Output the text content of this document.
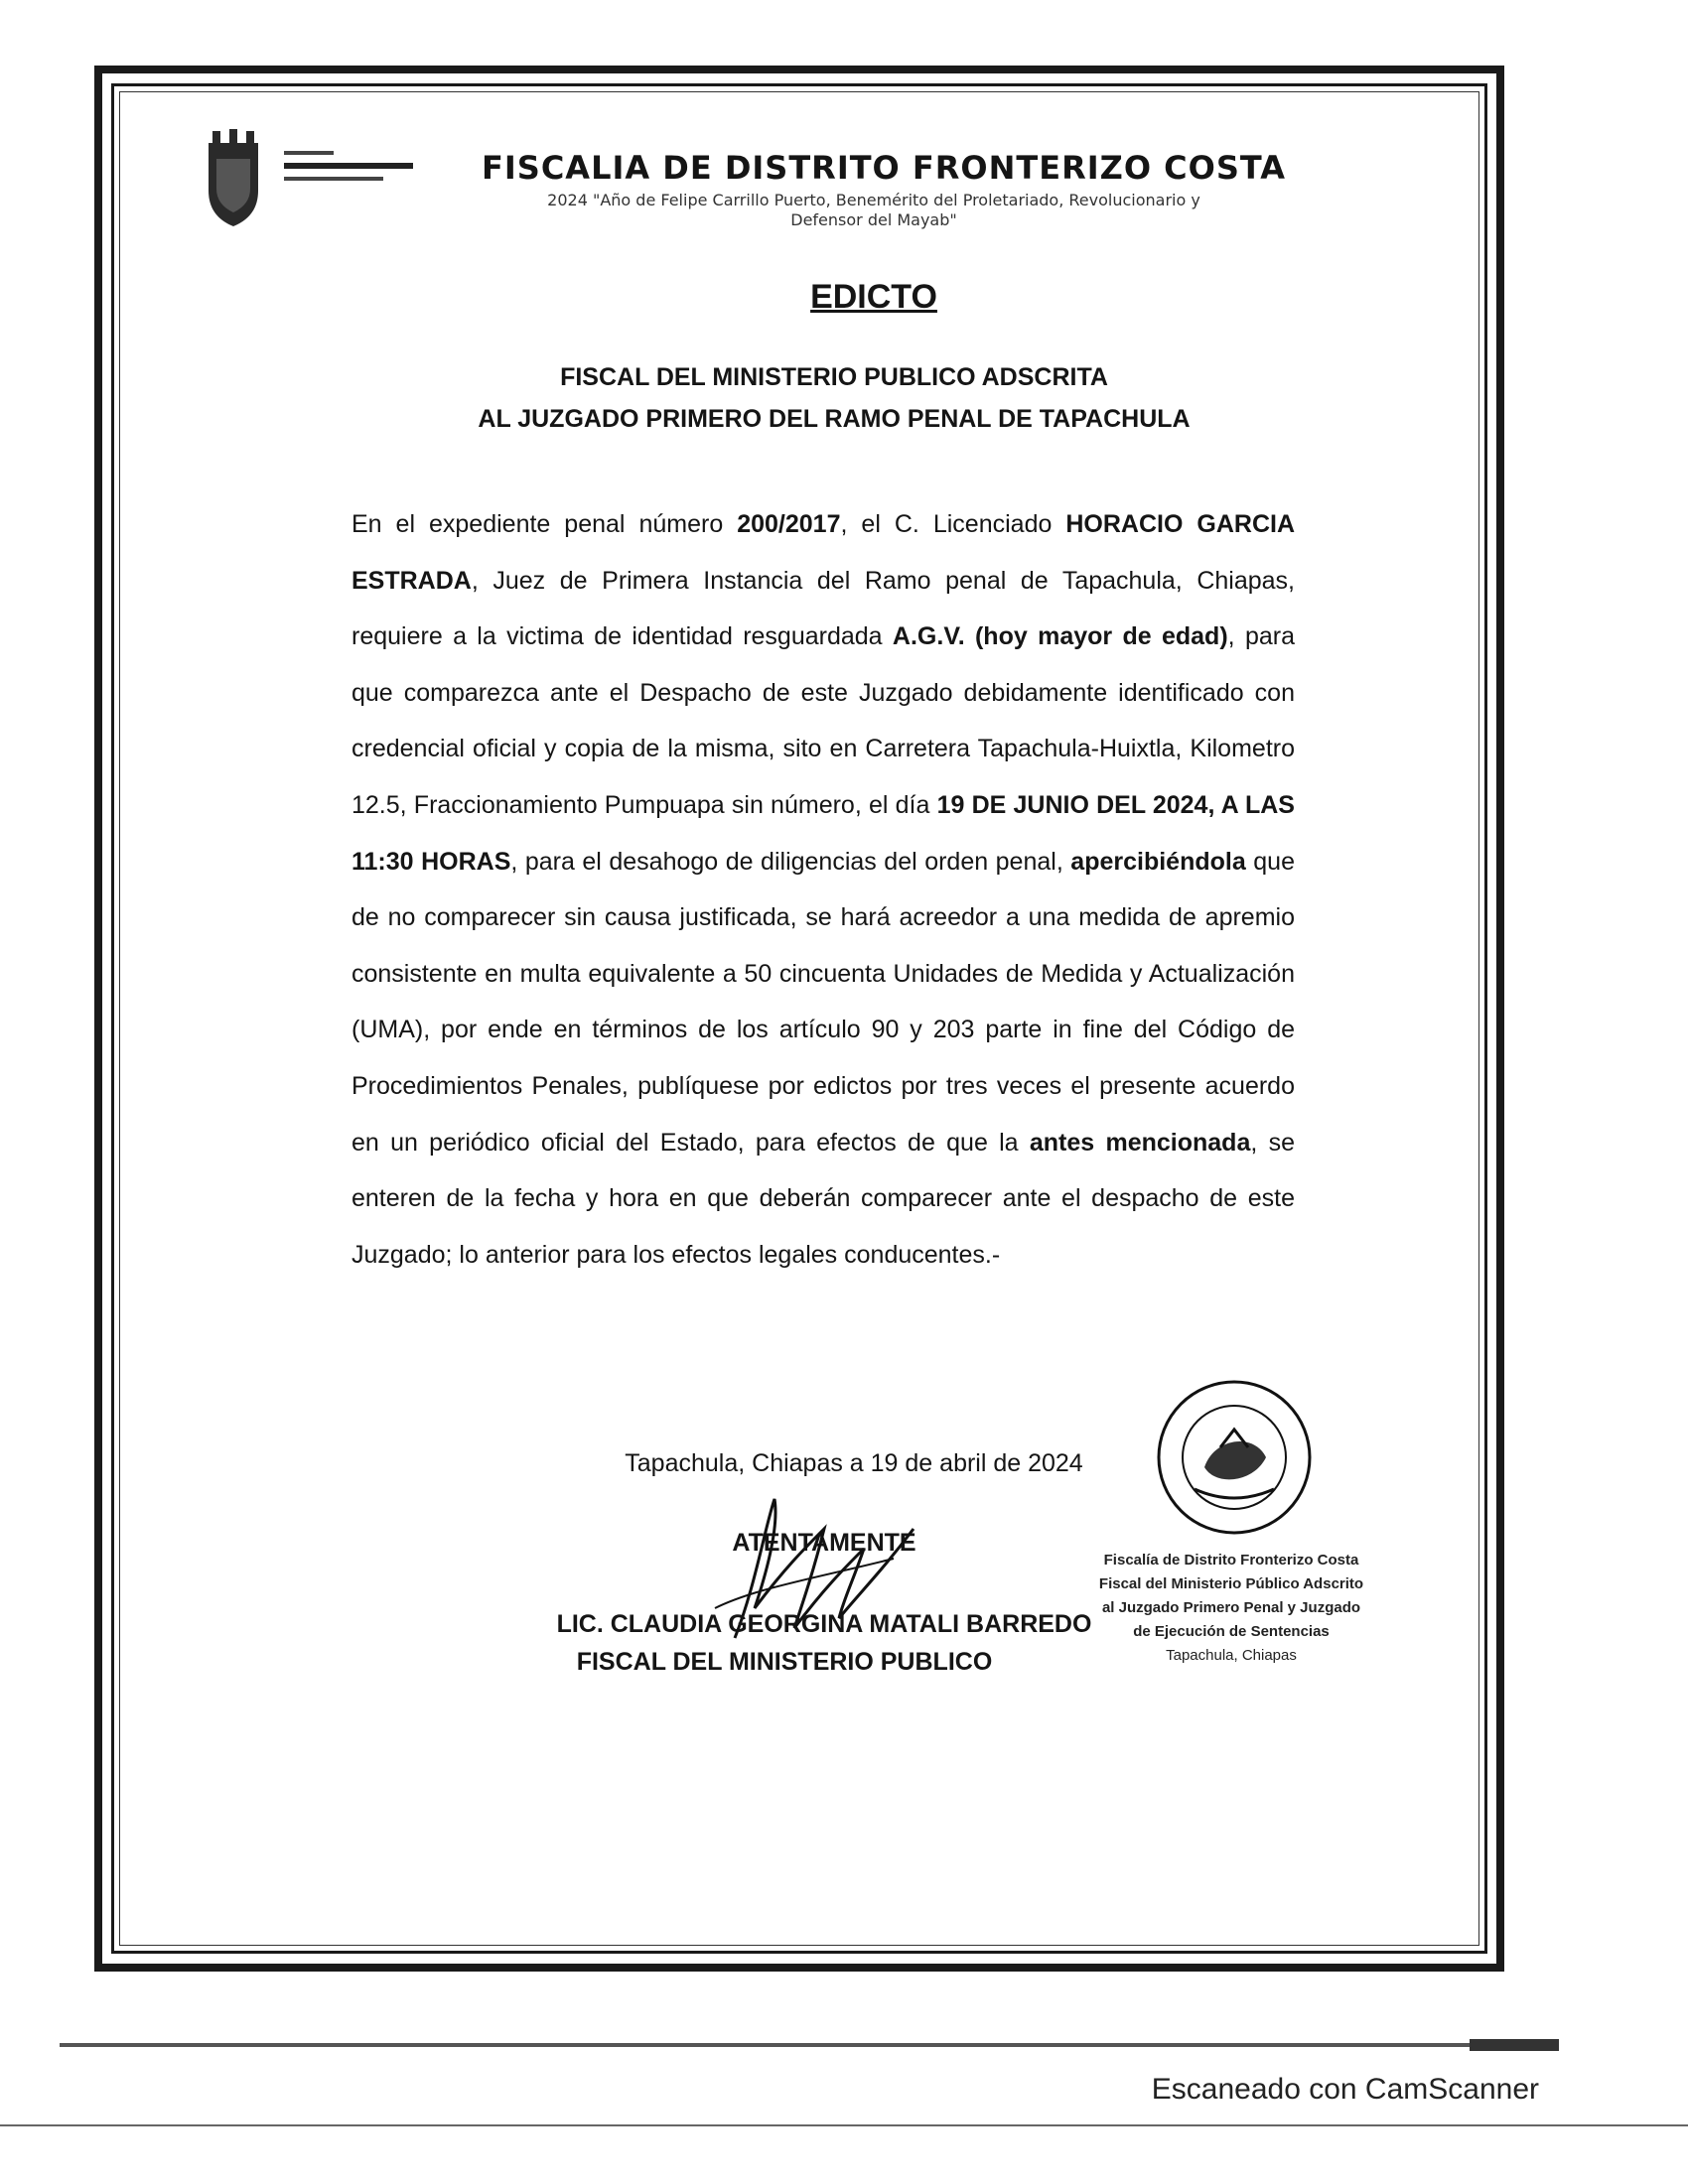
FISCALIA DE DISTRITO FRONTERIZO COSTA
2024 "Año de Felipe Carrillo Puerto, Benemérito del Proletariado, Revolucionario y
Defensor del Mayab"
EDICTO
FISCAL DEL MINISTERIO PUBLICO ADSCRITA
AL JUZGADO PRIMERO DEL RAMO PENAL DE TAPACHULA
En el expediente penal número 200/2017, el C. Licenciado HORACIO GARCIA ESTRADA, Juez de Primera Instancia del Ramo penal de Tapachula, Chiapas, requiere a la victima de identidad resguardada A.G.V. (hoy mayor de edad), para que comparezca ante el Despacho de este Juzgado debidamente identificado con credencial oficial y copia de la misma, sito en Carretera Tapachula-Huixtla, Kilometro 12.5, Fraccionamiento Pumpuapa sin número, el día 19 DE JUNIO DEL 2024, A LAS 11:30 HORAS, para el desahogo de diligencias del orden penal, apercibiéndola que de no comparecer sin causa justificada, se hará acreedor a una medida de apremio consistente en multa equivalente a 50 cincuenta Unidades de Medida y Actualización (UMA), por ende en términos de los artículo 90 y 203 parte in fine del Código de Procedimientos Penales, publíquese por edictos por tres veces el presente acuerdo en un periódico oficial del Estado, para efectos de que la antes mencionada, se enteren de la fecha y hora en que deberán comparecer ante el despacho de este Juzgado; lo anterior para los efectos legales conducentes.-
Tapachula, Chiapas a 19 de abril de 2024
ATENTAMENTE
LIC. CLAUDIA GEORGINA MATALI BARREDO
FISCAL DEL MINISTERIO PUBLICO
Fiscalía de Distrito Fronterizo Costa
Fiscal del Ministerio Público Adscrito
al Juzgado Primero Penal y Juzgado
de Ejecución de Sentencias
Tapachula, Chiapas
Escaneado con CamScanner
